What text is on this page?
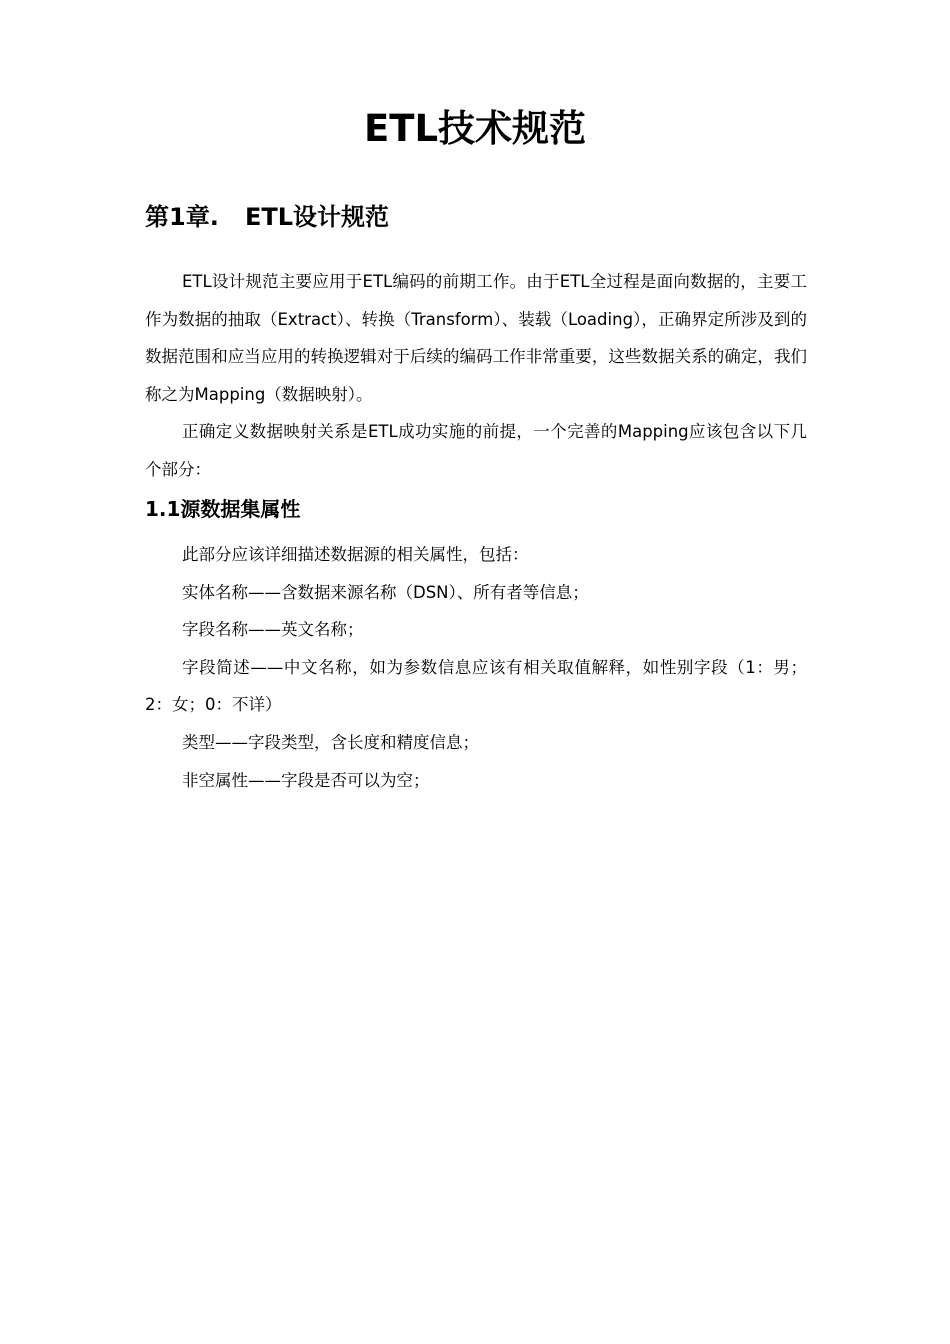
ETL技术规范
第1章. ETL设计规范

ETL设计规范主要应用于ETL编码的前期工作。由于ETL全过程是面向数据的，主要工作为数据的抽取（Extract）、转换（Transform）、装载（Loading），正确界定所涉及到的数据范围和应当应用的转换逻辑对于后续的编码工作非常重要，这些数据关系的确定，我们称之为Mapping（数据映射）。

正确定义数据映射关系是ETL成功实施的前提，一个完善的Mapping应该包含以下几个部分：

1.1源数据集属性

此部分应该详细描述数据源的相关属性，包括：

实体名称——含数据来源名称（DSN）、所有者等信息；

字段名称——英文名称；

字段简述——中文名称，如为参数信息应该有相关取值解释，如性别字段（1：男；2：女；0：不详）

类型——字段类型，含长度和精度信息；

非空属性——字段是否可以为空；
